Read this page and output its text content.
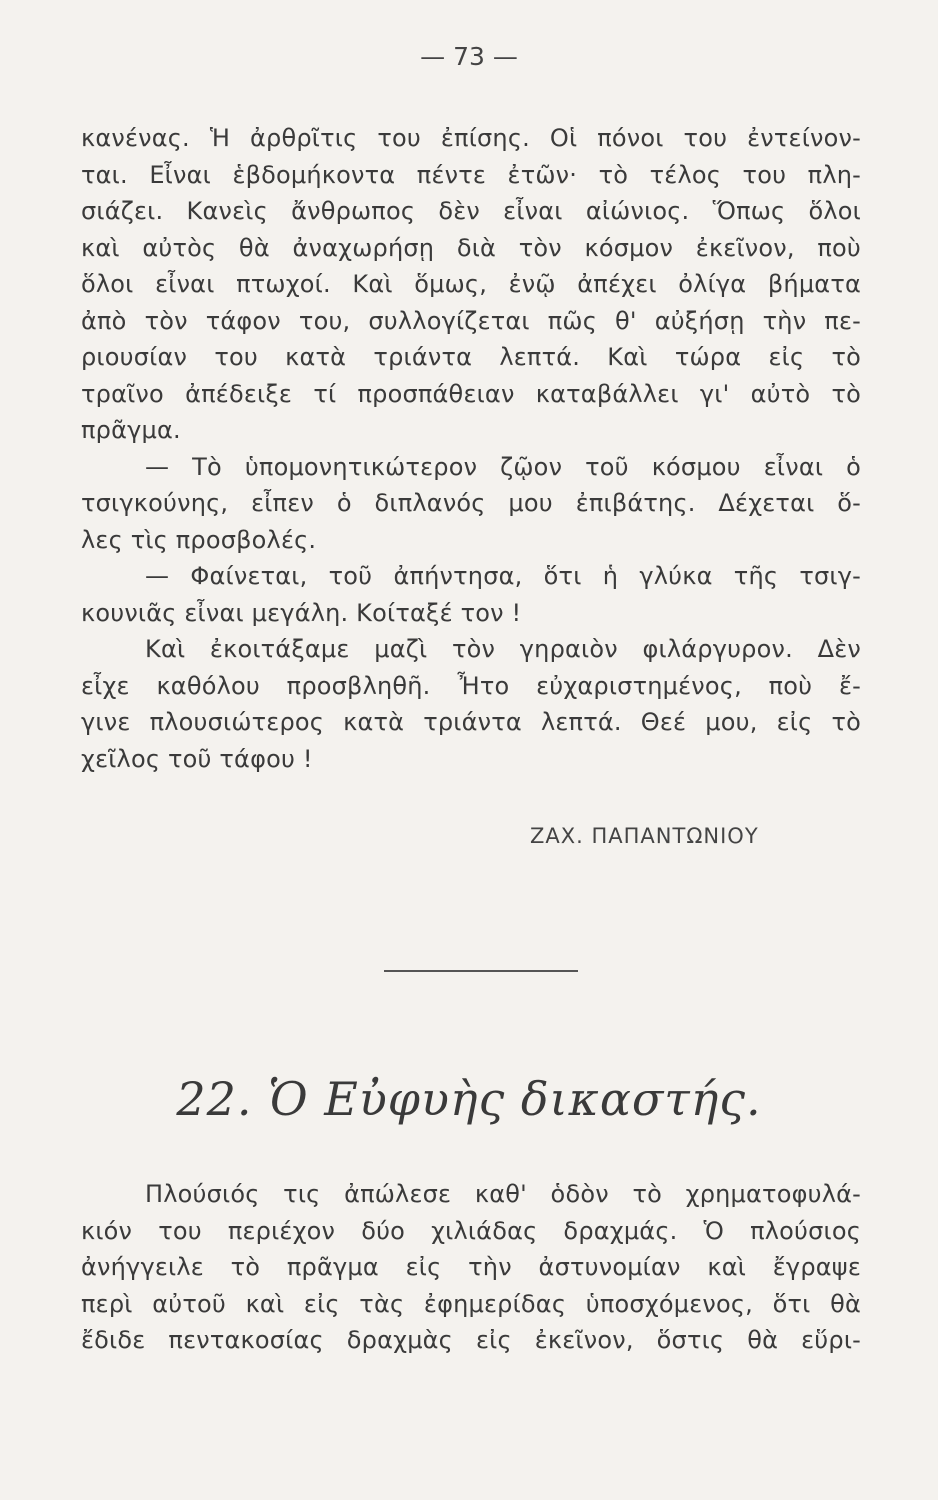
— 73 —
κανένας. Ἡ ἀρθρῖτις του ἐπίσης. Οἱ πόνοι του ἐντείνον-
ται. Εἶναι ἑβδομήκοντα πέντε ἐτῶν· τὸ τέλος του πλη-
σιάζει. Κανεὶς ἄνθρωπος δὲν εἶναι αἰώνιος. Ὅπως ὅλοι
καὶ αὐτὸς θὰ ἀναχωρήσῃ διὰ τὸν κόσμον ἐκεῖνον, ποὺ
ὅλοι εἶναι πτωχοί. Καὶ ὅμως, ἐνῷ ἀπέχει ὀλίγα βήματα
ἀπὸ τὸν τάφον του, συλλογίζεται πῶς θ' αὐξήσῃ τὴν πε-
ριουσίαν του κατὰ τριάντα λεπτά. Καὶ τώρα εἰς τὸ
τραῖνο ἀπέδειξε τί προσπάθειαν καταβάλλει γι' αὐτὸ τὸ
πρᾶγμα.
— Τὸ ὑπομονητικώτερον ζῷον τοῦ κόσμου εἶναι ὁ
τσιγκούνης, εἶπεν ὁ διπλανός μου ἐπιβάτης. Δέχεται ὅ-
λες τὶς προσβολές.
— Φαίνεται, τοῦ ἀπήντησα, ὅτι ἡ γλύκα τῆς τσιγ-
κουνιᾶς εἶναι μεγάλη. Κοίταξέ τον !
Καὶ ἐκοιτάξαμε μαζὶ τὸν γηραιὸν φιλάργυρον. Δὲν
εἶχε καθόλου προσβληθῆ. Ἦτο εὐχαριστημένος, ποὺ ἔ-
γινε πλουσιώτερος κατὰ τριάντα λεπτά. Θεέ μου, εἰς τὸ
χεῖλος τοῦ τάφου !
ΖΑΧ. ΠΑΠΑΝΤΩΝΙΟΥ
22. Ὁ Εὐφυὴς δικαστής.
Πλούσιός τις ἀπώλεσε καθ' ὁδὸν τὸ χρηματοφυλά-
κιόν του περιέχον δύο χιλιάδας δραχμάς. Ὁ πλούσιος
ἀνήγγειλε τὸ πρᾶγμα εἰς τὴν ἀστυνομίαν καὶ ἔγραψε
περὶ αὐτοῦ καὶ εἰς τὰς ἐφημερίδας ὑποσχόμενος, ὅτι θὰ
ἔδιδε πεντακοσίας δραχμὰς εἰς ἐκεῖνον, ὅστις θὰ εὕρι-
